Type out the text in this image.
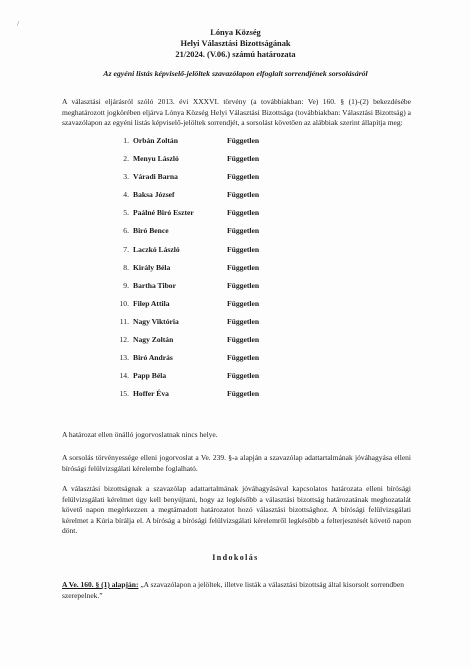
/
Lónya Község
Helyi Választási Bizottságának
21/2024. (V.06.) számú határozata
Az egyéni listás képviselő-jelöltek szavazólapon elfoglalt sorrendjének sorsolásáról
A választási eljárásról szóló 2013. évi XXXVI. törvény (a továbbiakban: Ve) 160. § (1)-(2) bekezdésébe meghatározott jogkörében eljárva Lónya Község Helyi Választási Bizottsága (továbbiakban: Választási Bizottság) a szavazólapon az egyéni listás képviselő-jelöltek sorrendjét, a sorsolást követően az alábbiak szerint állapítja meg:
1. Orbán Zoltán	Független
2. Menyu László	Független
3. Váradi Barna	Független
4. Baksa József	Független
5. Paálné Biró Eszter	Független
6. Biró Bence	Független
7. Laczkó László	Független
8. Király Béla	Független
9. Bartha Tibor	Független
10. Filep Attila	Független
11. Nagy Viktória	Független
12. Nagy Zoltán	Független
13. Biró András	Független
14. Papp Béla	Független
15. Hoffer Éva	Független
A határozat ellen önálló jogorvoslatnak nincs helye.
A sorsolás törvényessége elleni jogorvoslat a Ve. 239. §-a alapján a szavazólap adattartalmának jóváhagyása elleni bírósági felülvizsgálati kérelembe foglalható.
A választási bizottságnak a szavazólap adattartalmának jóváhagyásával kapcsolatos határozata elleni bírósági felülvizsgálati kérelmet úgy kell benyújtani, hogy az legkésőbb a választási bizottság határozatának meghozatalát követő napon megérkezzen a megtámadott határozatot hozó választási bizottsághoz. A bírósági felülvizsgálati kérelmet a Kúria bírálja el. A bíróság a bírósági felülvizsgálati kérelemről legkésőbb a felterjesztését követő napon dönt.
Indokolás
A Ve. 160. § (1) alapján: „A szavazólapon a jelöltek, illetve listák a választási bizottság által kisorsolt sorrendben szerepelnek.”
